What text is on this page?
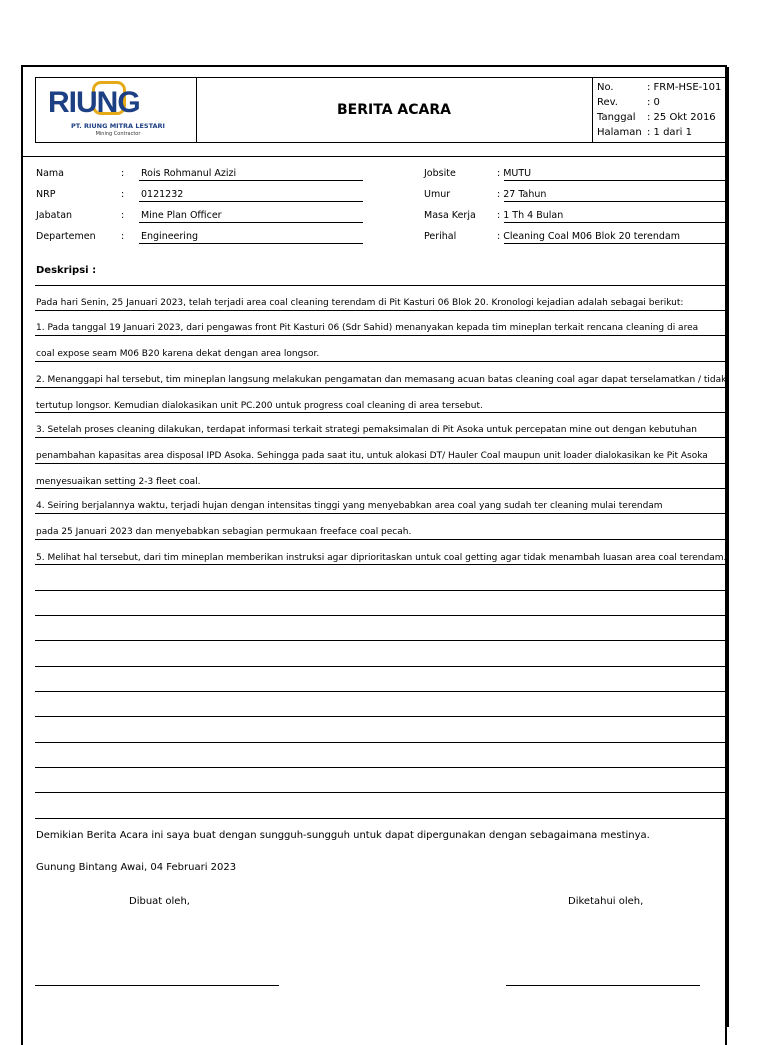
RIUNG
PT. RIUNG MITRA LESTARI
Mining Contractor
BERITA ACARA
No.	: FRM-HSE-101
Rev.	: 0
Tanggal	: 25 Okt 2016
Halaman : 1 dari 1
Nama	: Rois Rohmanul Azizi
NRP	: 0121232
Jabatan	: Mine Plan Officer
Departemen	: Engineering
Jobsite	: MUTU
Umur	: 27 Tahun
Masa Kerja : 1 Th 4 Bulan
Perihal	: Cleaning Coal M06 Blok 20 terendam
Deskripsi :
Pada hari Senin, 25 Januari 2023, telah terjadi area coal cleaning terendam di Pit Kasturi 06 Blok 20. Kronologi kejadian adalah sebagai berikut:
1. Pada tanggal 19 Januari 2023, dari pengawas front Pit Kasturi 06 (Sdr Sahid) menanyakan kepada tim mineplan terkait rencana cleaning di area
coal expose seam M06 B20 karena dekat dengan area longsor.
2. Menanggapi hal tersebut, tim mineplan langsung melakukan pengamatan dan memasang acuan batas cleaning coal agar dapat terselamatkan / tidak
tertutup longsor. Kemudian dialokasikan unit PC.200 untuk progress coal cleaning di area tersebut.
3. Setelah proses cleaning dilakukan, terdapat informasi terkait strategi pemaksimalan di Pit Asoka untuk percepatan mine out dengan kebutuhan
penambahan kapasitas area disposal IPD Asoka. Sehingga pada saat itu, untuk alokasi DT/ Hauler Coal maupun unit loader dialokasikan ke Pit Asoka
menyesuaikan setting 2-3 fleet coal.
4. Seiring berjalannya waktu, terjadi hujan dengan intensitas tinggi yang menyebabkan area coal yang sudah ter cleaning mulai terendam
pada 25 Januari 2023 dan menyebabkan sebagian permukaan freeface coal pecah.
5. Melihat hal tersebut, dari tim mineplan memberikan instruksi agar diprioritaskan untuk coal getting agar tidak menambah luasan area coal terendam.
Demikian Berita Acara ini saya buat dengan sungguh-sungguh untuk dapat dipergunakan dengan sebagaimana mestinya.
Gunung Bintang Awai, 04 Februari 2023
Dibuat oleh,	Diketahui oleh,
